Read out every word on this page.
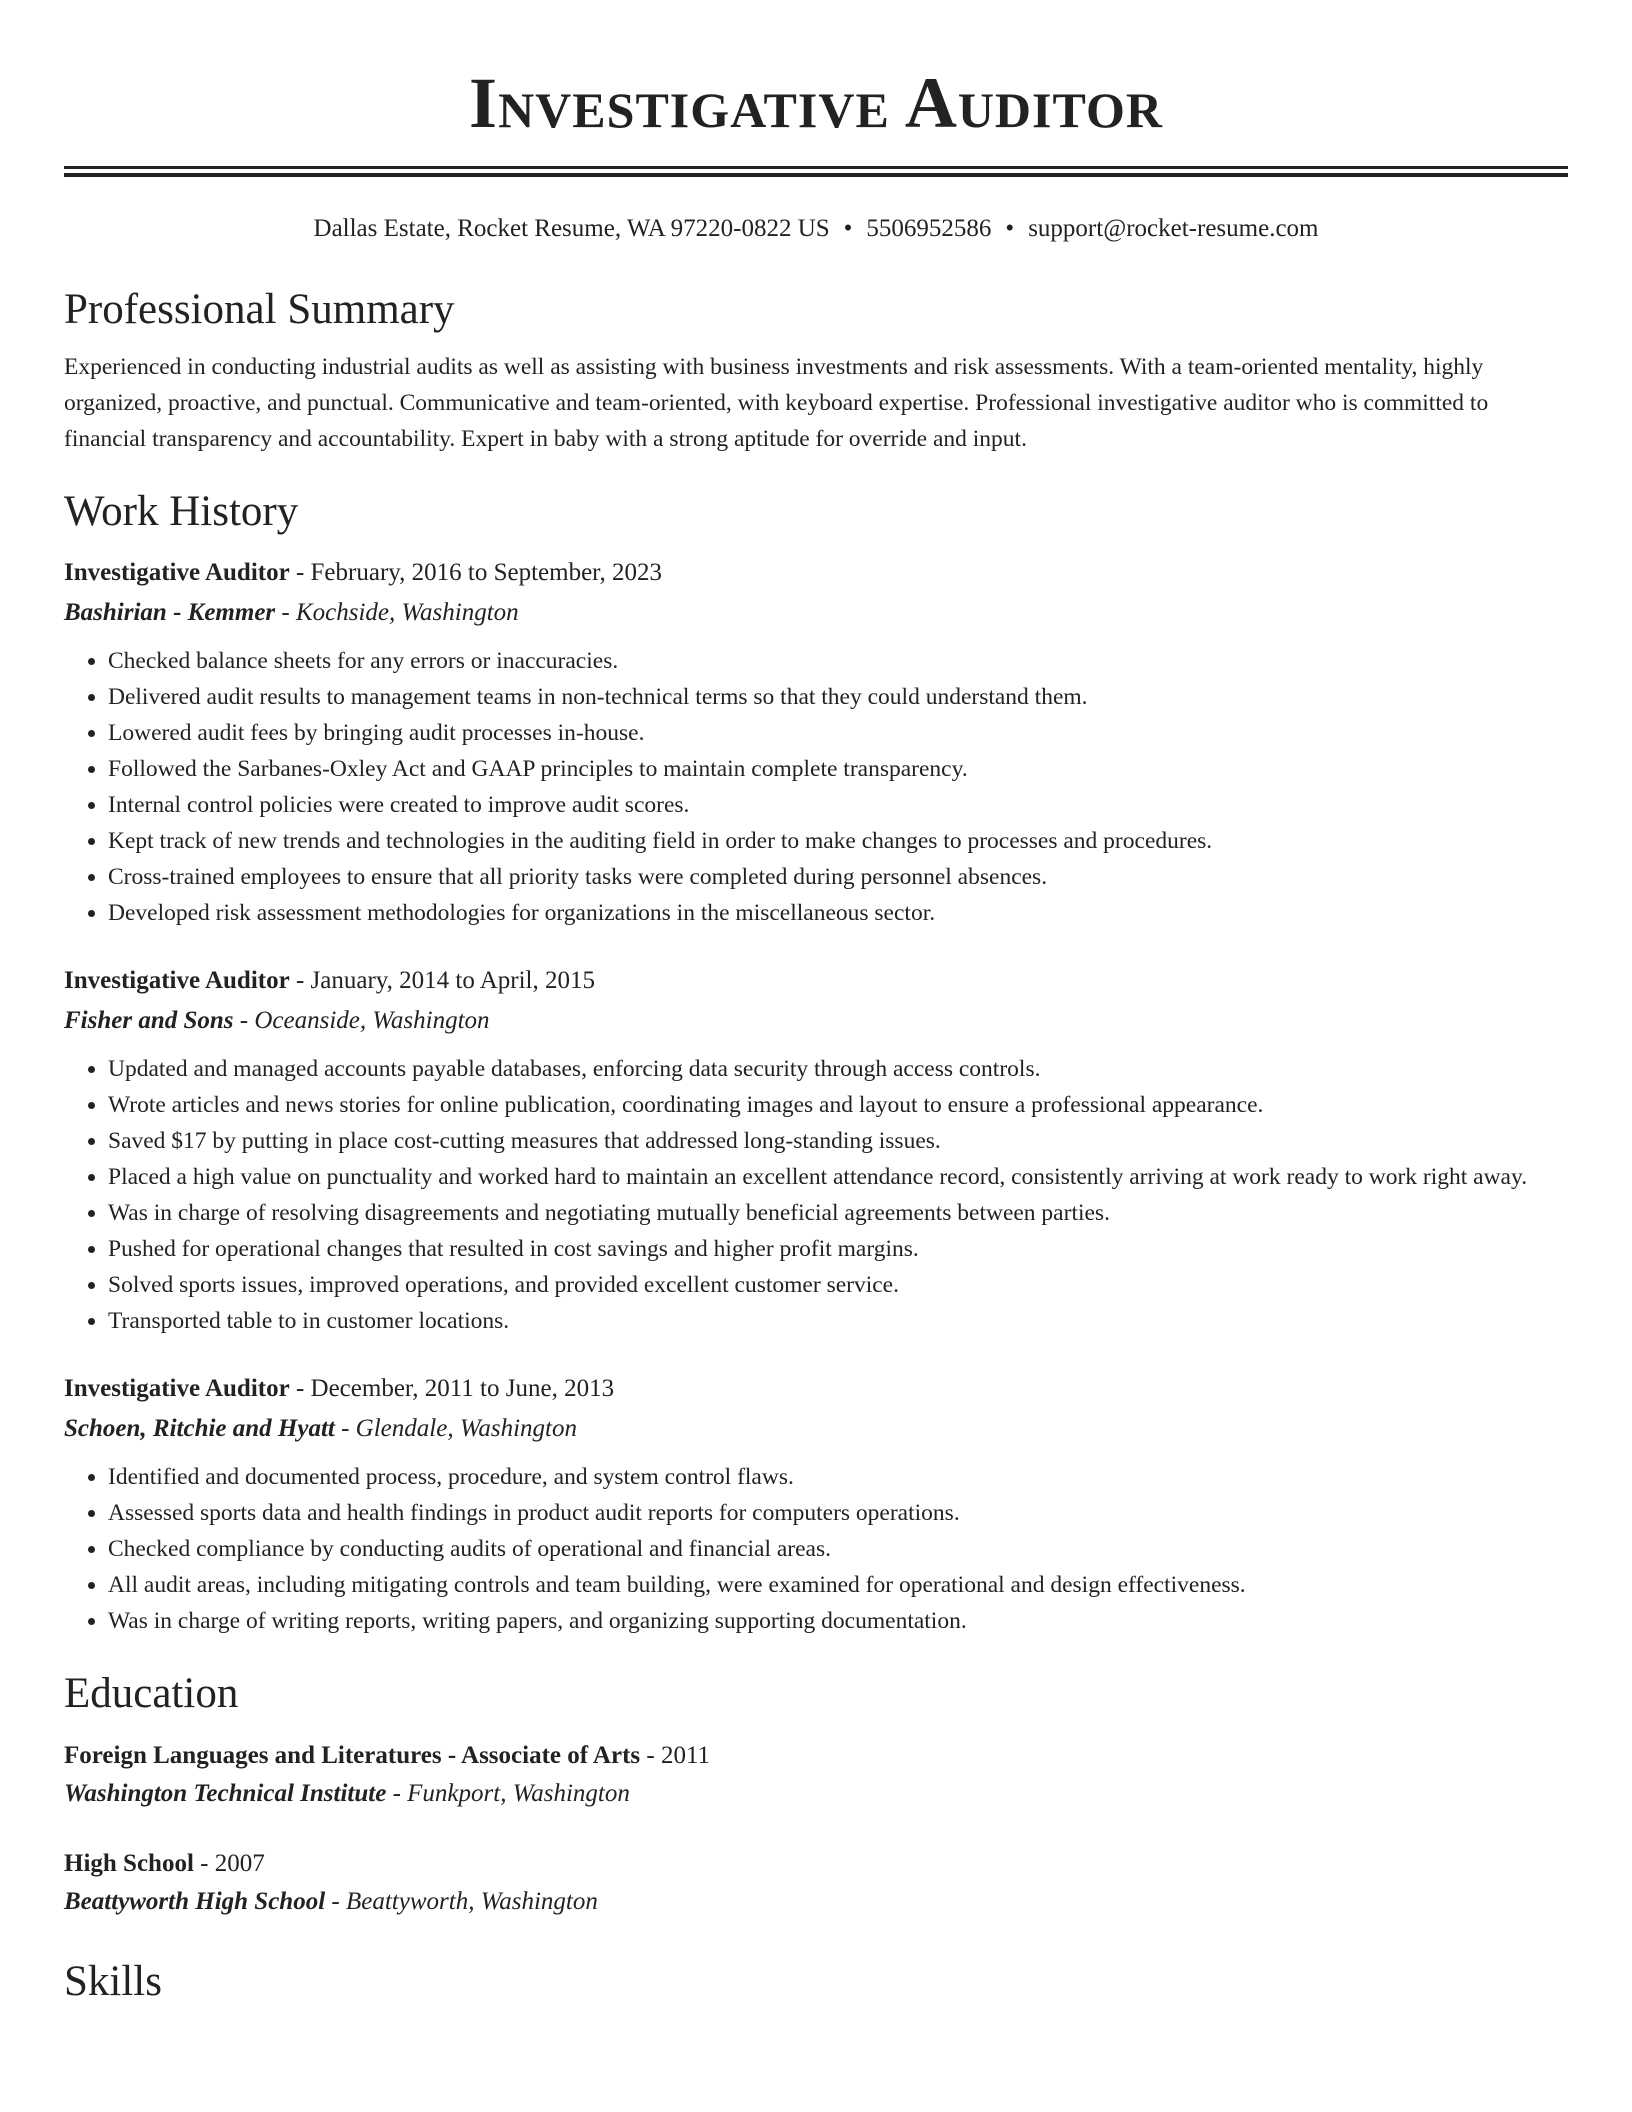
Investigative Auditor
Dallas Estate, Rocket Resume, WA 97220-0822 US • 5506952586 • support@rocket-resume.com
Professional Summary

Experienced in conducting industrial audits as well as assisting with business investments and risk assessments. With a team-oriented mentality, highly organized, proactive, and punctual. Communicative and team-oriented, with keyboard expertise. Professional investigative auditor who is committed to financial transparency and accountability. Expert in baby with a strong aptitude for override and input.

Work History
Investigative Auditor - February, 2016 to September, 2023
Bashirian - Kemmer - Kochside, Washington
• Checked balance sheets for any errors or inaccuracies.
• Delivered audit results to management teams in non-technical terms so that they could understand them.
• Lowered audit fees by bringing audit processes in-house.
• Followed the Sarbanes-Oxley Act and GAAP principles to maintain complete transparency.
• Internal control policies were created to improve audit scores.
• Kept track of new trends and technologies in the auditing field in order to make changes to processes and procedures.
• Cross-trained employees to ensure that all priority tasks were completed during personnel absences.
• Developed risk assessment methodologies for organizations in the miscellaneous sector.
Investigative Auditor - January, 2014 to April, 2015
Fisher and Sons - Oceanside, Washington
• Updated and managed accounts payable databases, enforcing data security through access controls.
• Wrote articles and news stories for online publication, coordinating images and layout to ensure a professional appearance.
• Saved $17 by putting in place cost-cutting measures that addressed long-standing issues.
• Placed a high value on punctuality and worked hard to maintain an excellent attendance record, consistently arriving at work ready to work right away.
• Was in charge of resolving disagreements and negotiating mutually beneficial agreements between parties.
• Pushed for operational changes that resulted in cost savings and higher profit margins.
• Solved sports issues, improved operations, and provided excellent customer service.
• Transported table to in customer locations.
Investigative Auditor - December, 2011 to June, 2013
Schoen, Ritchie and Hyatt - Glendale, Washington
• Identified and documented process, procedure, and system control flaws.
• Assessed sports data and health findings in product audit reports for computers operations.
• Checked compliance by conducting audits of operational and financial areas.
• All audit areas, including mitigating controls and team building, were examined for operational and design effectiveness.
• Was in charge of writing reports, writing papers, and organizing supporting documentation.
Education
Foreign Languages and Literatures - Associate of Arts - 2011
Washington Technical Institute - Funkport, Washington
High School - 2007
Beattyworth High School - Beattyworth, Washington
Skills
